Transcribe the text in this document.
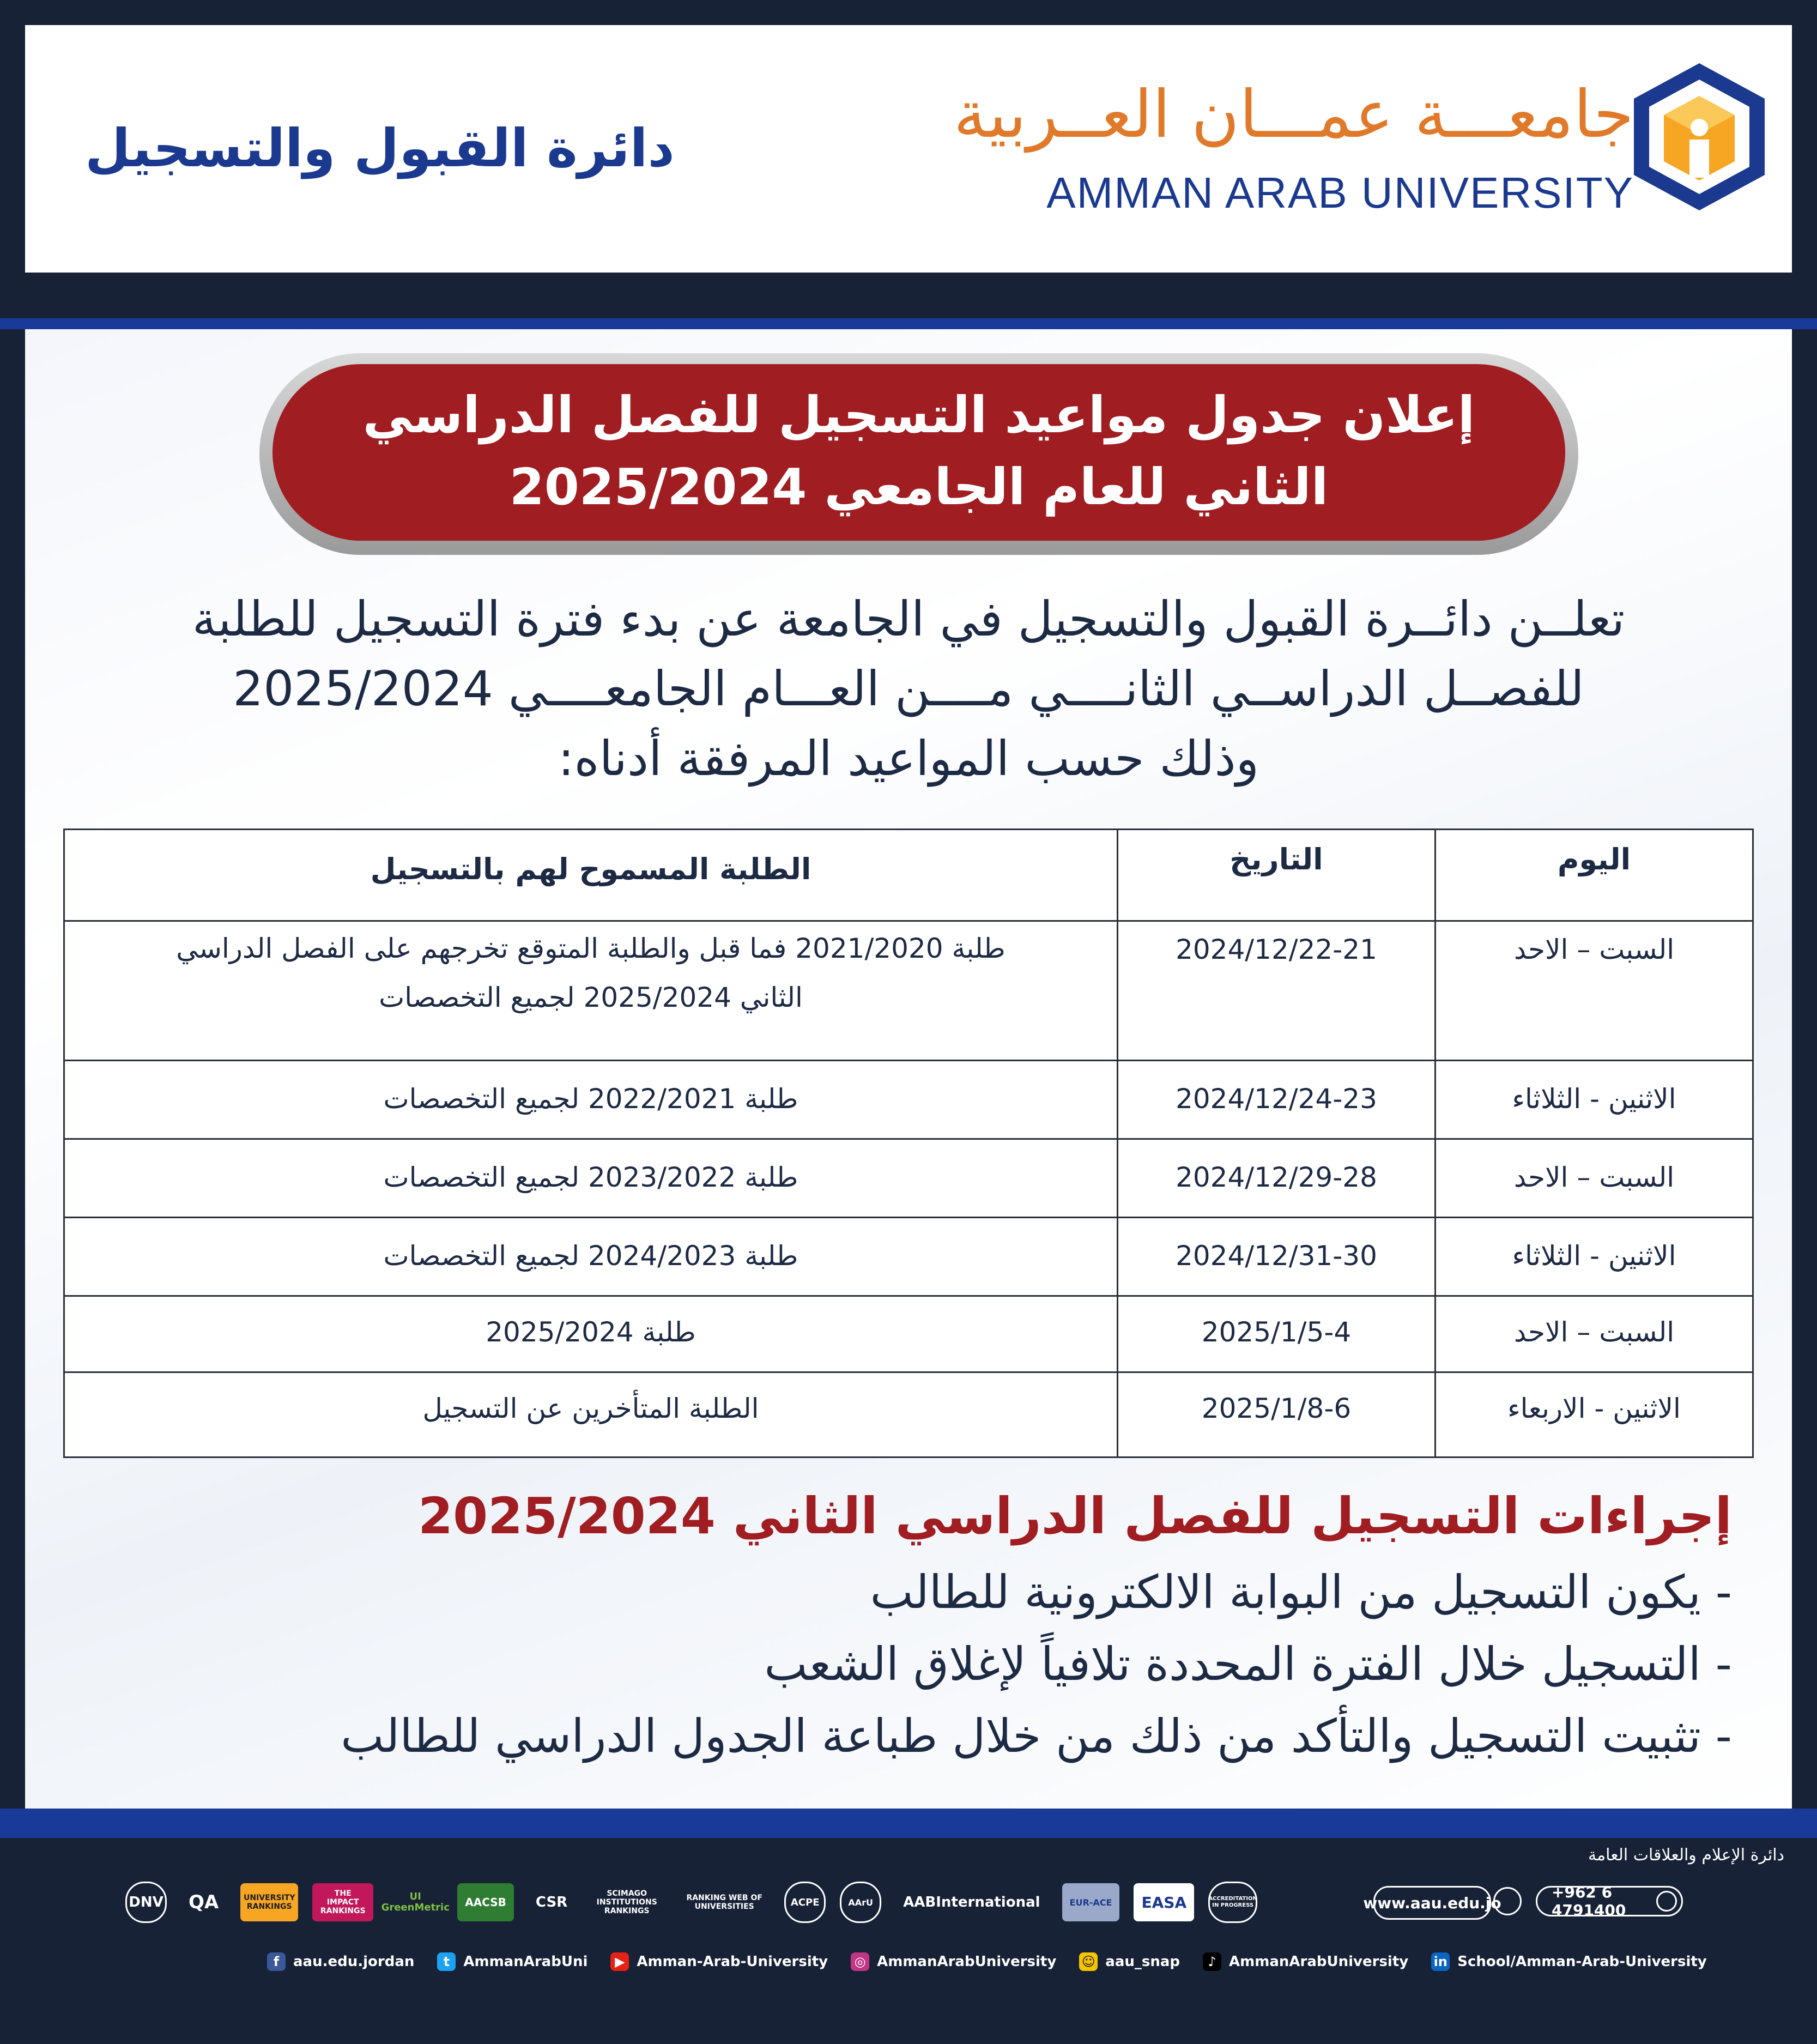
دائرة القبول والتسجيل	جامعـــة عمـــان العــربية
AMMAN ARAB UNIVERSITY
إعلان جدول مواعيد التسجيل للفصل الدراسي
الثاني للعام الجامعي 2025/2024
تعلــن دائــرة القبول والتسجيل في الجامعة عن بدء فترة التسجيل للطلبة
للفصــل الدراســي الثانــــي مــــن العـــام الجامعــــي 2025/2024
وذلك حسب المواعيد المرفقة أدناه:
اليوم	التاريخ	الطلبة المسموح لهم بالتسجيل
السبت – الاحد	2024/12/22-21	طلبة 2021/2020 فما قبل والطلبة المتوقع تخرجهم على الفصل الدراسي
الثاني 2025/2024 لجميع التخصصات

الاثنين - الثلاثاء	2024/12/24-23	طلبة 2022/2021 لجميع التخصصات
السبت – الاحد	2024/12/29-28	طلبة 2023/2022 لجميع التخصصات
الاثنين - الثلاثاء	2024/12/31-30	طلبة 2024/2023 لجميع التخصصات
السبت – الاحد	2025/1/5-4	طلبة 2025/2024
الاثنين - الاربعاء	2025/1/8-6	الطلبة المتأخرين عن التسجيل
إجراءات التسجيل للفصل الدراسي الثاني 2025/2024
- يكون التسجيل من البوابة الالكترونية للطالب
- التسجيل خلال الفترة المحددة تلافياً لإغلاق الشعب
- تثبيت التسجيل والتأكد من ذلك من خلال طباعة الجدول الدراسي للطالب
دائرة الإعلام والعلاقات العامة
DNV	QA	UNIVERSITY RANKINGS
THE IMPACT RANKINGS
UI GreenMetric	AACSB	CSR
SCIMAGO INSTITUTIONS RANKINGS
RANKING WEB OF UNIVERSITIES	ACPE	AArU	AABInternational	EUR-ACE	EASA	ACCREDITATION IN PROGRESS	www.aau.edu.jo
+962 6 4791400
f aau.edu.jordan	t AmmanArabUni	▶ Amman-Arab-University ◎ AmmanArabUniversity ☺ aau_snap	♪ AmmanArabUniversity in School/Amman-Arab-University
